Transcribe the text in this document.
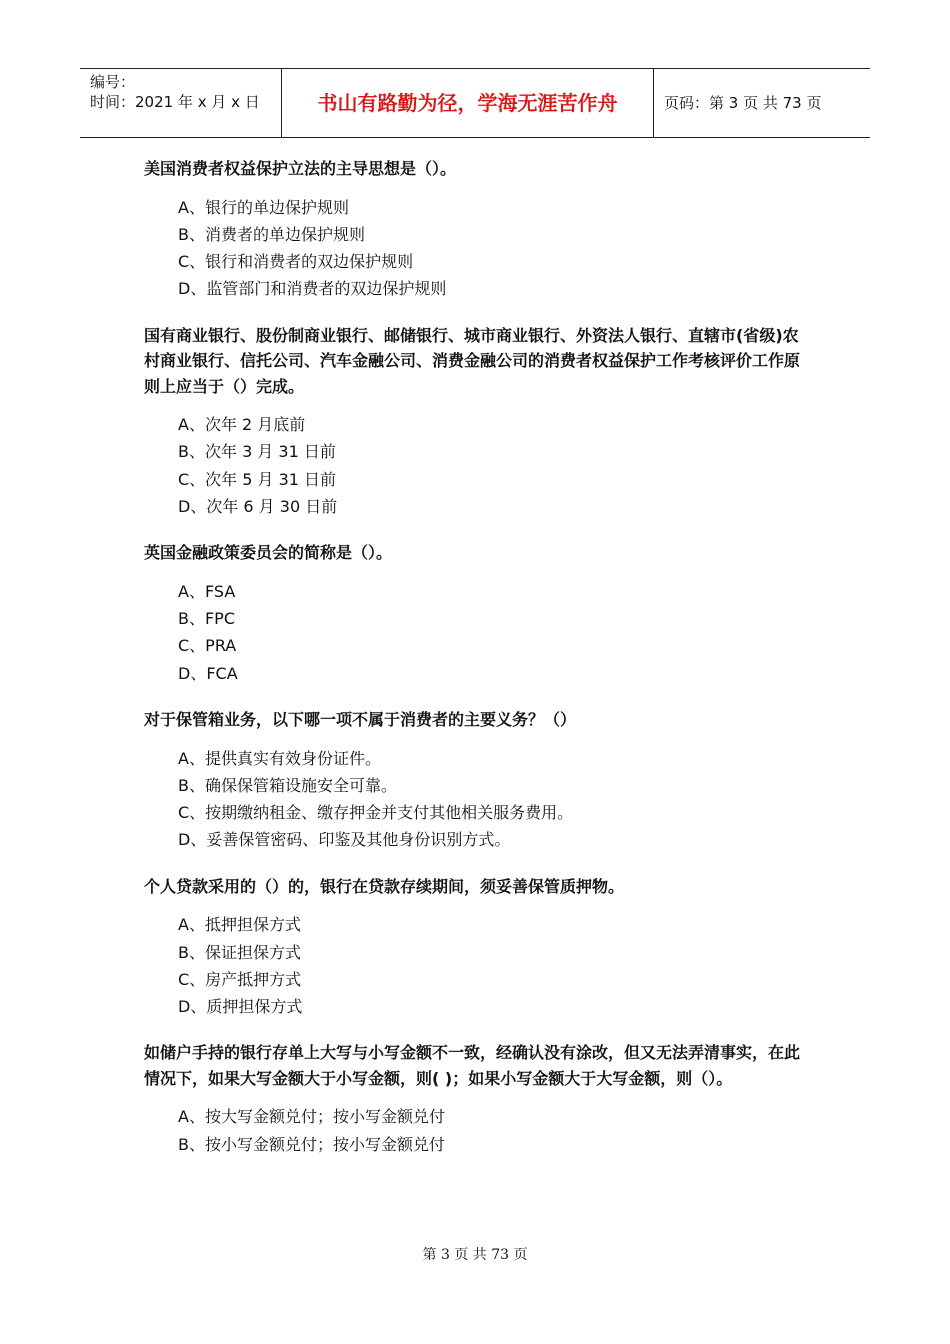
编号：
时间：2021 年 x 月 x 日	书山有路勤为径，学海无涯苦作舟	页码：第 3 页 共 73 页
美国消费者权益保护立法的主导思想是（）。
A、银行的单边保护规则
B、消费者的单边保护规则
C、银行和消费者的双边保护规则
D、监管部门和消费者的双边保护规则
国有商业银行、股份制商业银行、邮储银行、城市商业银行、外资法人银行、直辖市(省级)农村商业银行、信托公司、汽车金融公司、消费金融公司的消费者权益保护工作考核评价工作原则上应当于（）完成。
A、次年 2 月底前
B、次年 3 月 31 日前
C、次年 5 月 31 日前
D、次年 6 月 30 日前
英国金融政策委员会的简称是（）。
A、FSA
B、FPC
C、PRA
D、FCA
对于保管箱业务，以下哪一项不属于消费者的主要义务？（）
A、提供真实有效身份证件。
B、确保保管箱设施安全可靠。
C、按期缴纳租金、缴存押金并支付其他相关服务费用。
D、妥善保管密码、印鉴及其他身份识别方式。
个人贷款采用的（）的，银行在贷款存续期间，须妥善保管质押物。
A、抵押担保方式
B、保证担保方式
C、房产抵押方式
D、质押担保方式
如储户手持的银行存单上大写与小写金额不一致，经确认没有涂改，但又无法弄清事实，在此情况下，如果大写金额大于小写金额，则( )；如果小写金额大于大写金额，则（）。
A、按大写金额兑付；按小写金额兑付
B、按小写金额兑付；按小写金额兑付
第 3 页 共 73 页
